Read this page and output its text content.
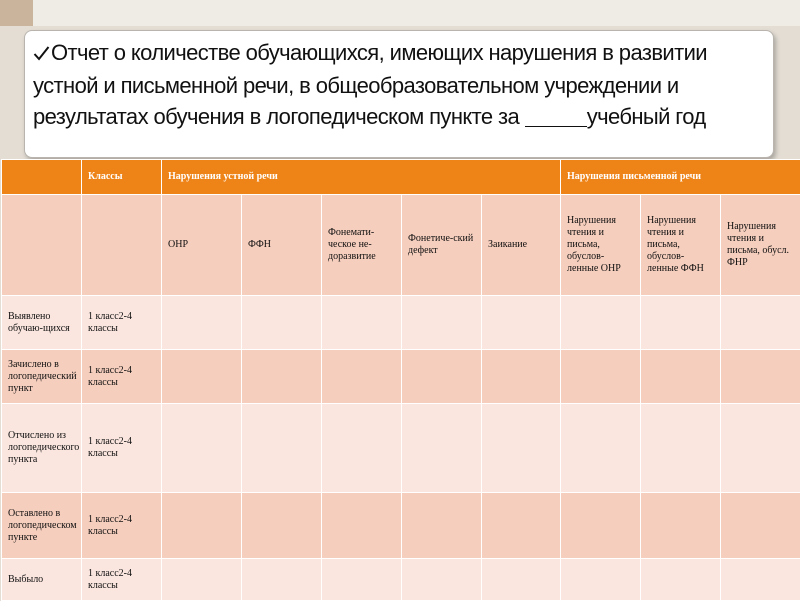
Отчет о количестве обучающихся, имеющих нарушения в развитии устной и письменной речи, в общеобразовательном учреждении и результатах обучения в логопедическом пункте за	учебный год
	Классы	Нарушения устной речи					Нарушения письменной речи		
		ОНР	ФФН	Фонемати-ческое не-доразвитие	Фонетиче-ский дефект	Заикание	Нарушения чтения и письма, обуслов-ленные ОНР	Нарушения чтения и письма, обуслов-ленные ФФН	Нарушения чтения и письма, обусл. ФНР
Выявлено обучаю-щихся	1 класс2-4 классы								
Зачислено в логопедический пункт	1 класс2-4 классы								
Отчислено из логопедического пункта	1 класс2-4 классы								
Оставлено в логопедическом пункте	1 класс2-4 классы								
Выбыло	1 класс2-4 классы								
